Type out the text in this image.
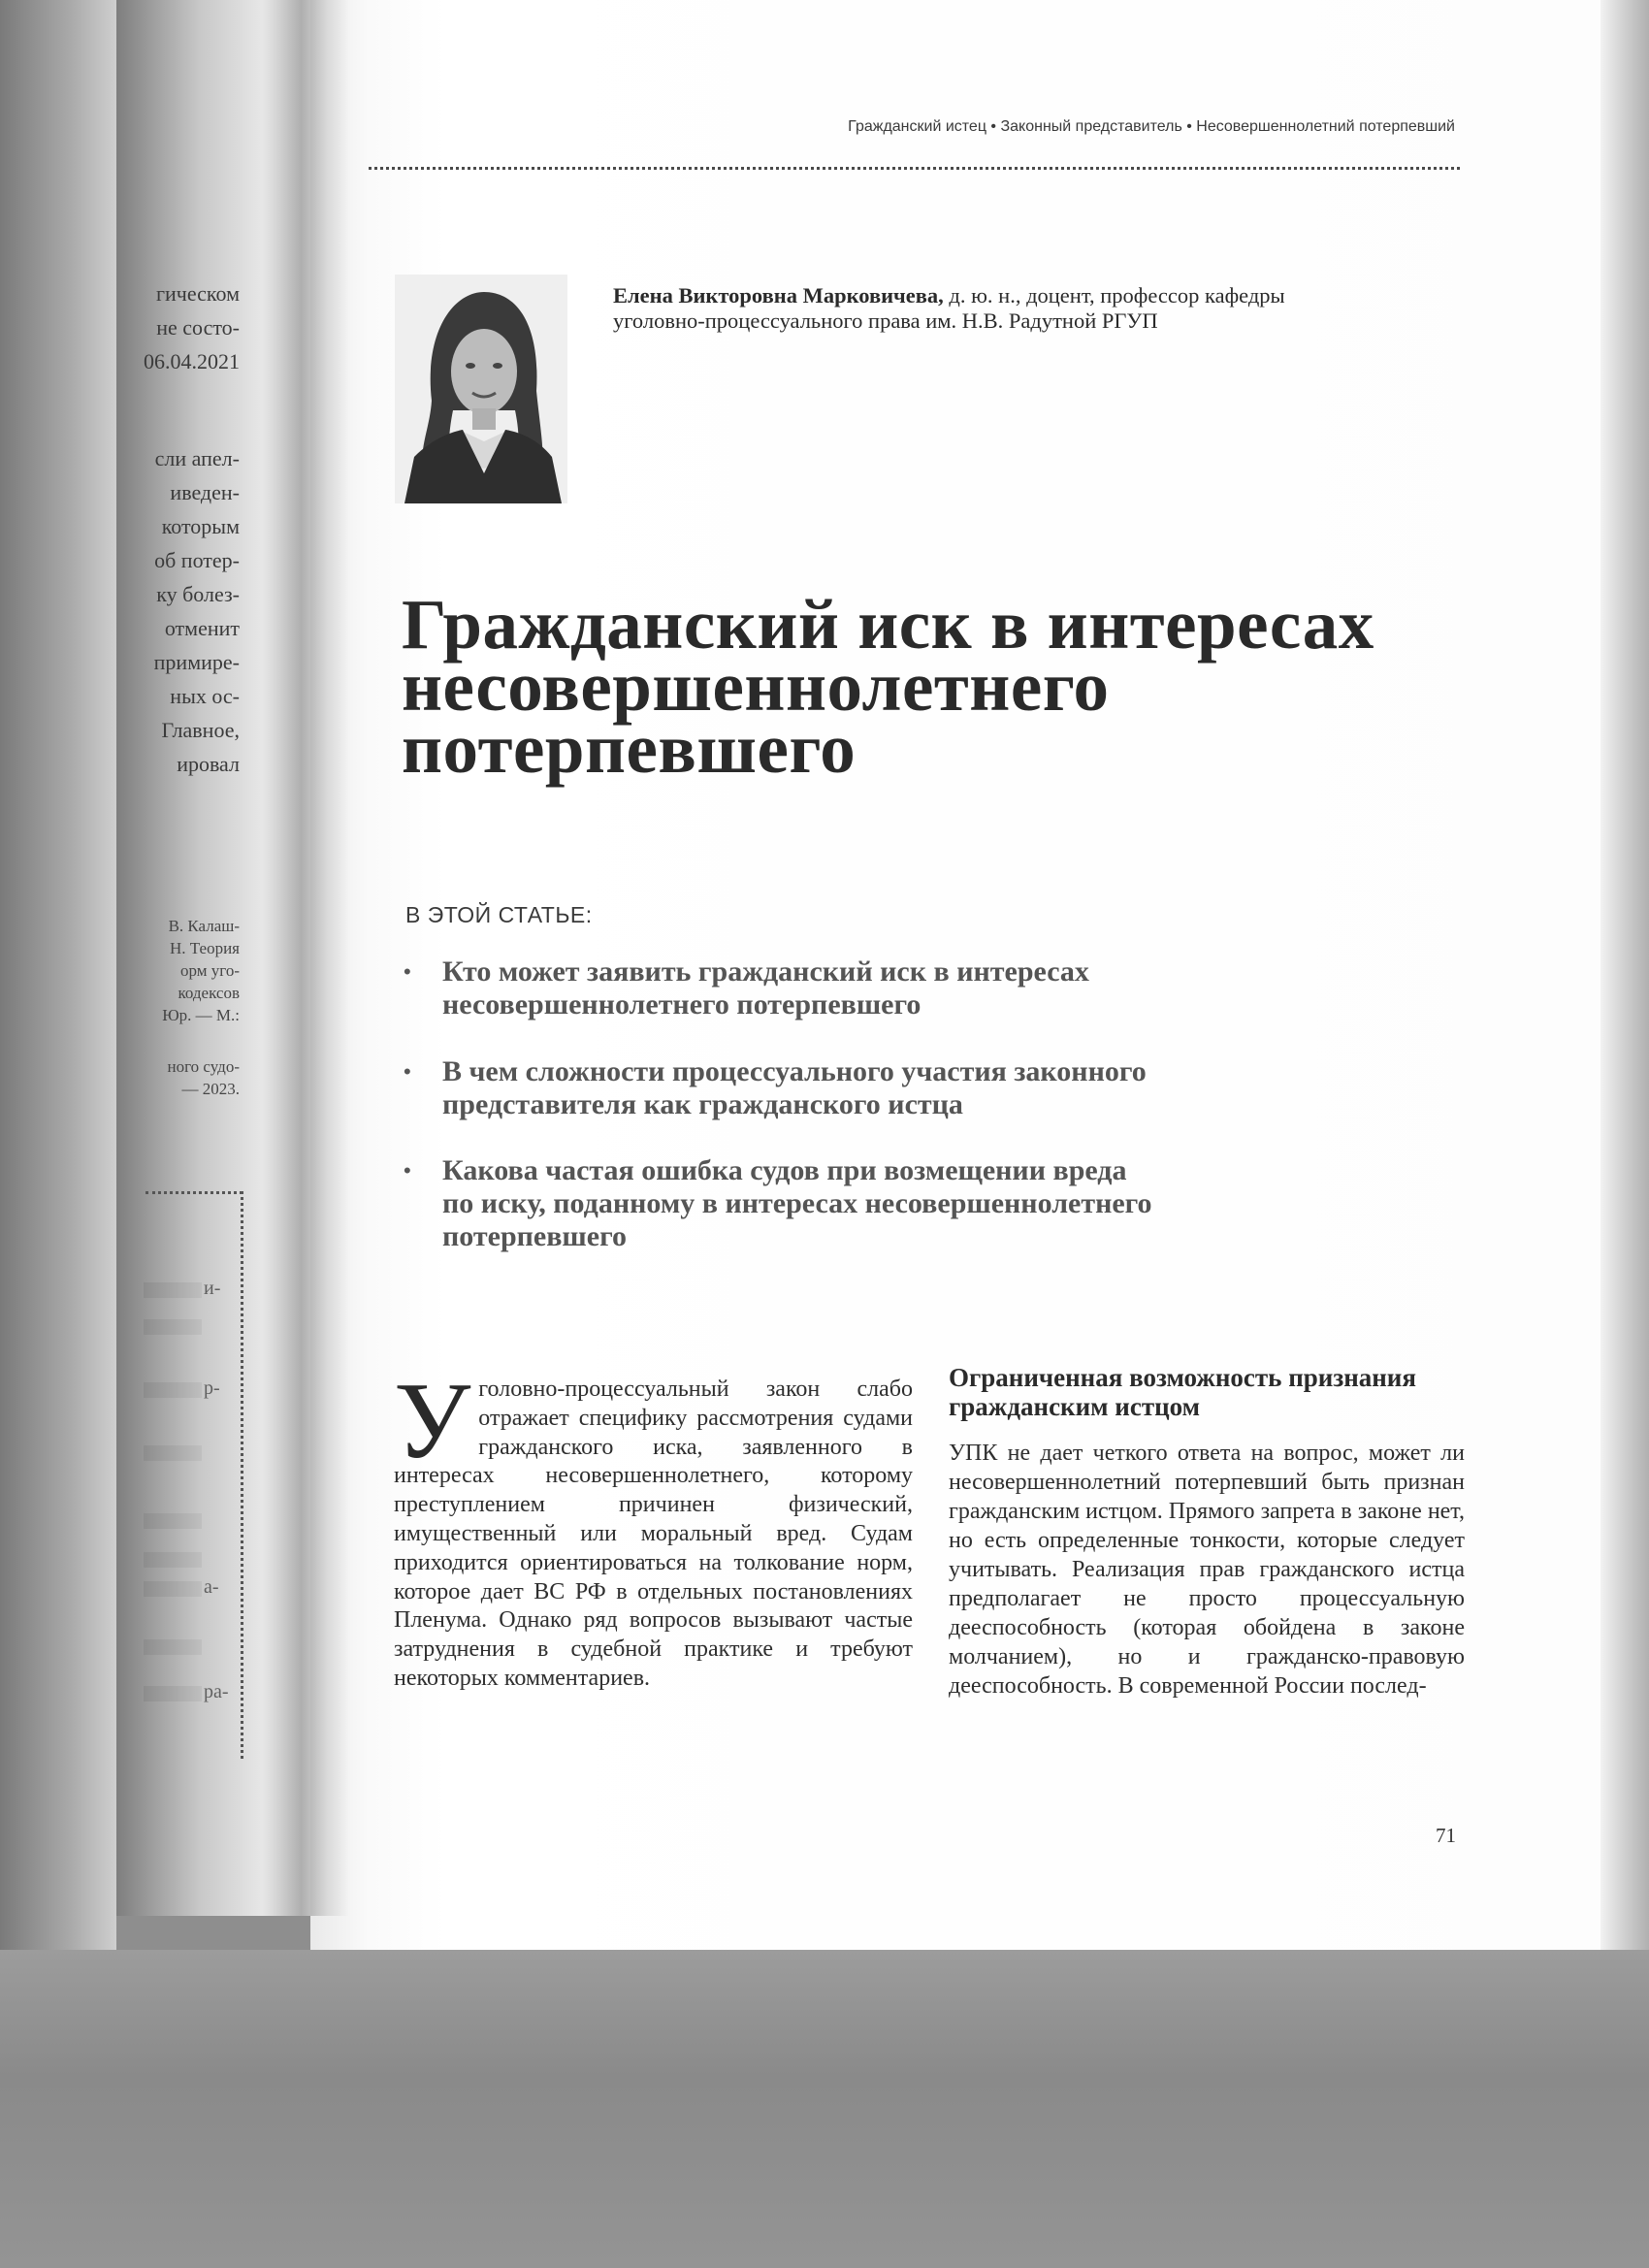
гическом
не состо-
06.04.2021
сли апел-
иведен-
которым
об потер-
ку болез-
отменит
примире-
ных ос-
Главное,
ировал
В. Калаш-
Н. Теория
орм уго-
кодексов
Юр. — М.:
ного судо-
— 2023.
и-
р-
а-
ра-
Гражданский истец • Законный представитель • Несовершеннолетний потерпевший
Елена Викторовна Марковичева, д. ю. н., доцент, профессор кафедры
уголовно-процессуального права им. Н.В. Радутной РГУП
Гражданский иск в интересах
несовершеннолетнего
потерпевшего
В ЭТОЙ СТАТЬЕ:
• Кто может заявить гражданский иск в интересах
несовершеннолетнего потерпевшего
• В чем сложности процессуального участия законного
представителя как гражданского истца
• Какова частая ошибка судов при возмещении вреда
по иску, поданному в интересах несовершеннолетнего
потерпевшего
Уголовно-процессуальный закон слабо отражает специфику рассмотрения судами гражданского иска, заявленного в интересах несовершеннолетнего, которому преступлением причинен физический, имущественный или моральный вред. Судам приходится ориентироваться на толкование норм, которое дает ВС РФ в отдельных постановлениях Пленума. Однако ряд вопросов вызывают частые затруднения в судебной практике и требуют некоторых комментариев.
Ограниченная возможность признания гражданским истцом
УПК не дает четкого ответа на вопрос, может ли несовершеннолетний потерпевший быть признан гражданским истцом. Прямого запрета в законе нет, но есть определенные тонкости, которые следует учитывать. Реализация прав гражданского истца предполагает не просто процессуальную дееспособность (которая обойдена в законе молчанием), но и гражданско-правовую дееспособность. В современной России послед-
71
